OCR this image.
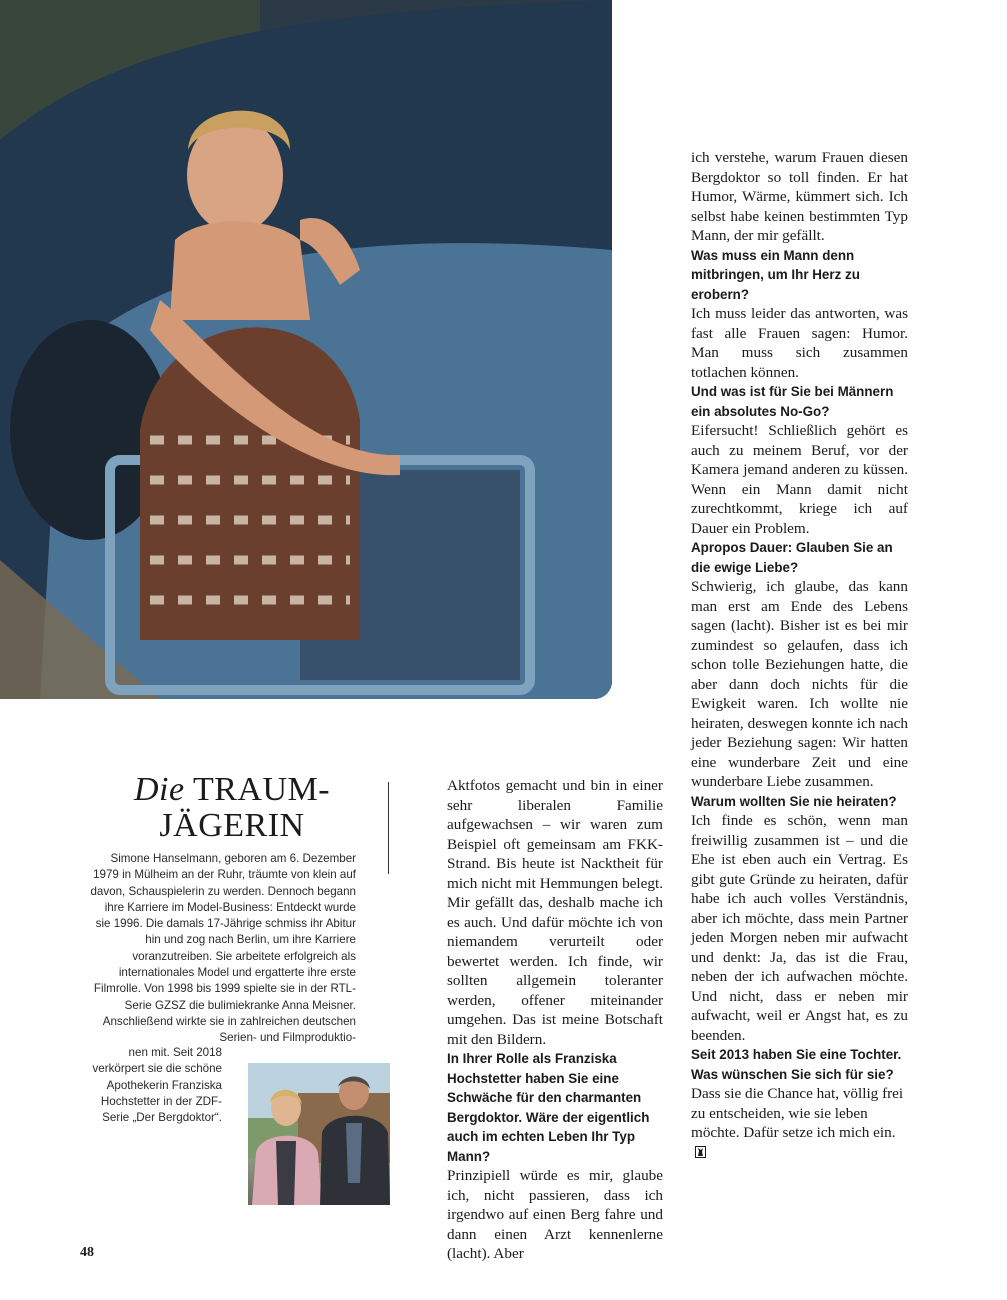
ich verstehe, warum Frauen diesen Bergdoktor so toll finden. Er hat Humor, Wärme, kümmert sich. Ich selbst habe keinen bestimmten Typ Mann, der mir gefällt.

Was muss ein Mann denn mitbringen, um Ihr Herz zu erobern?

Ich muss leider das antworten, was fast alle Frauen sagen: Humor. Man muss sich zusammen totlachen können.

Und was ist für Sie bei Männern ein absolutes No-Go?

Eifersucht! Schließlich gehört es auch zu meinem Beruf, vor der Kamera jemand anderen zu küssen. Wenn ein Mann damit nicht zurechtkommt, kriege ich auf Dauer ein Problem.

Apropos Dauer: Glauben Sie an die ewige Liebe?

Schwierig, ich glaube, das kann man erst am Ende des Lebens sagen (lacht). Bisher ist es bei mir zumindest so gelaufen, dass ich schon tolle Beziehungen hatte, die aber dann doch nichts für die Ewigkeit waren. Ich wollte nie heiraten, deswegen konnte ich nach jeder Beziehung sagen: Wir hatten eine wunderbare Zeit und eine wunderbare Liebe zusammen.

Warum wollten Sie nie heiraten?

Ich finde es schön, wenn man freiwillig zusammen ist – und die Ehe ist eben auch ein Vertrag. Es gibt gute Gründe zu heiraten, dafür habe ich auch volles Verständnis, aber ich möchte, dass mein Partner jeden Morgen neben mir aufwacht und denkt: Ja, das ist die Frau, neben der ich aufwachen möchte. Und nicht, dass er neben mir aufwacht, weil er Angst hat, es zu beenden.

Seit 2013 haben Sie eine Tochter. Was wünschen Sie sich für sie?

Dass sie die Chance hat, völlig frei zu entscheiden, wie sie leben möchte. Dafür setze ich mich ein.

Aktfotos gemacht und bin in einer sehr liberalen Familie aufgewachsen – wir waren zum Beispiel oft gemeinsam am FKK-Strand. Bis heute ist Nacktheit für mich nicht mit Hemmungen belegt. Mir gefällt das, deshalb mache ich es auch. Und dafür möchte ich von niemandem verurteilt oder bewertet werden. Ich finde, wir sollten allgemein toleranter werden, offener miteinander umgehen. Das ist meine Botschaft mit den Bildern.

In Ihrer Rolle als Franziska Hochstetter haben Sie eine Schwäche für den charmanten Bergdoktor. Wäre der eigentlich auch im echten Leben Ihr Typ Mann?

Prinzipiell würde es mir, glaube ich, nicht passieren, dass ich irgendwo auf einen Berg fahre und dann einen Arzt kennenlerne (lacht). Aber

Die TRAUM-
JÄGERIN
Simone Hanselmann, geboren am 6. Dezember 1979 in Mülheim an der Ruhr, träumte von klein auf davon, Schauspielerin zu werden. Dennoch begann ihre Karriere im Model-Business: Entdeckt wurde sie 1996. Die damals 17-Jährige schmiss ihr Abitur hin und zog nach Berlin, um ihre Karriere voranzutreiben. Sie arbeitete erfolgreich als internationales Model und ergatterte ihre erste Filmrolle. Von 1998 bis 1999 spielte sie in der RTL-Serie GZSZ die bulimiekranke Anna Meisner. Anschließend wirkte sie in zahlreichen deutschen Serien- und Filmproduktio-
nen mit. Seit 2018 verkörpert sie die schöne Apothekerin Franziska Hochstetter in der ZDF-Serie „Der Bergdoktor“.
48
